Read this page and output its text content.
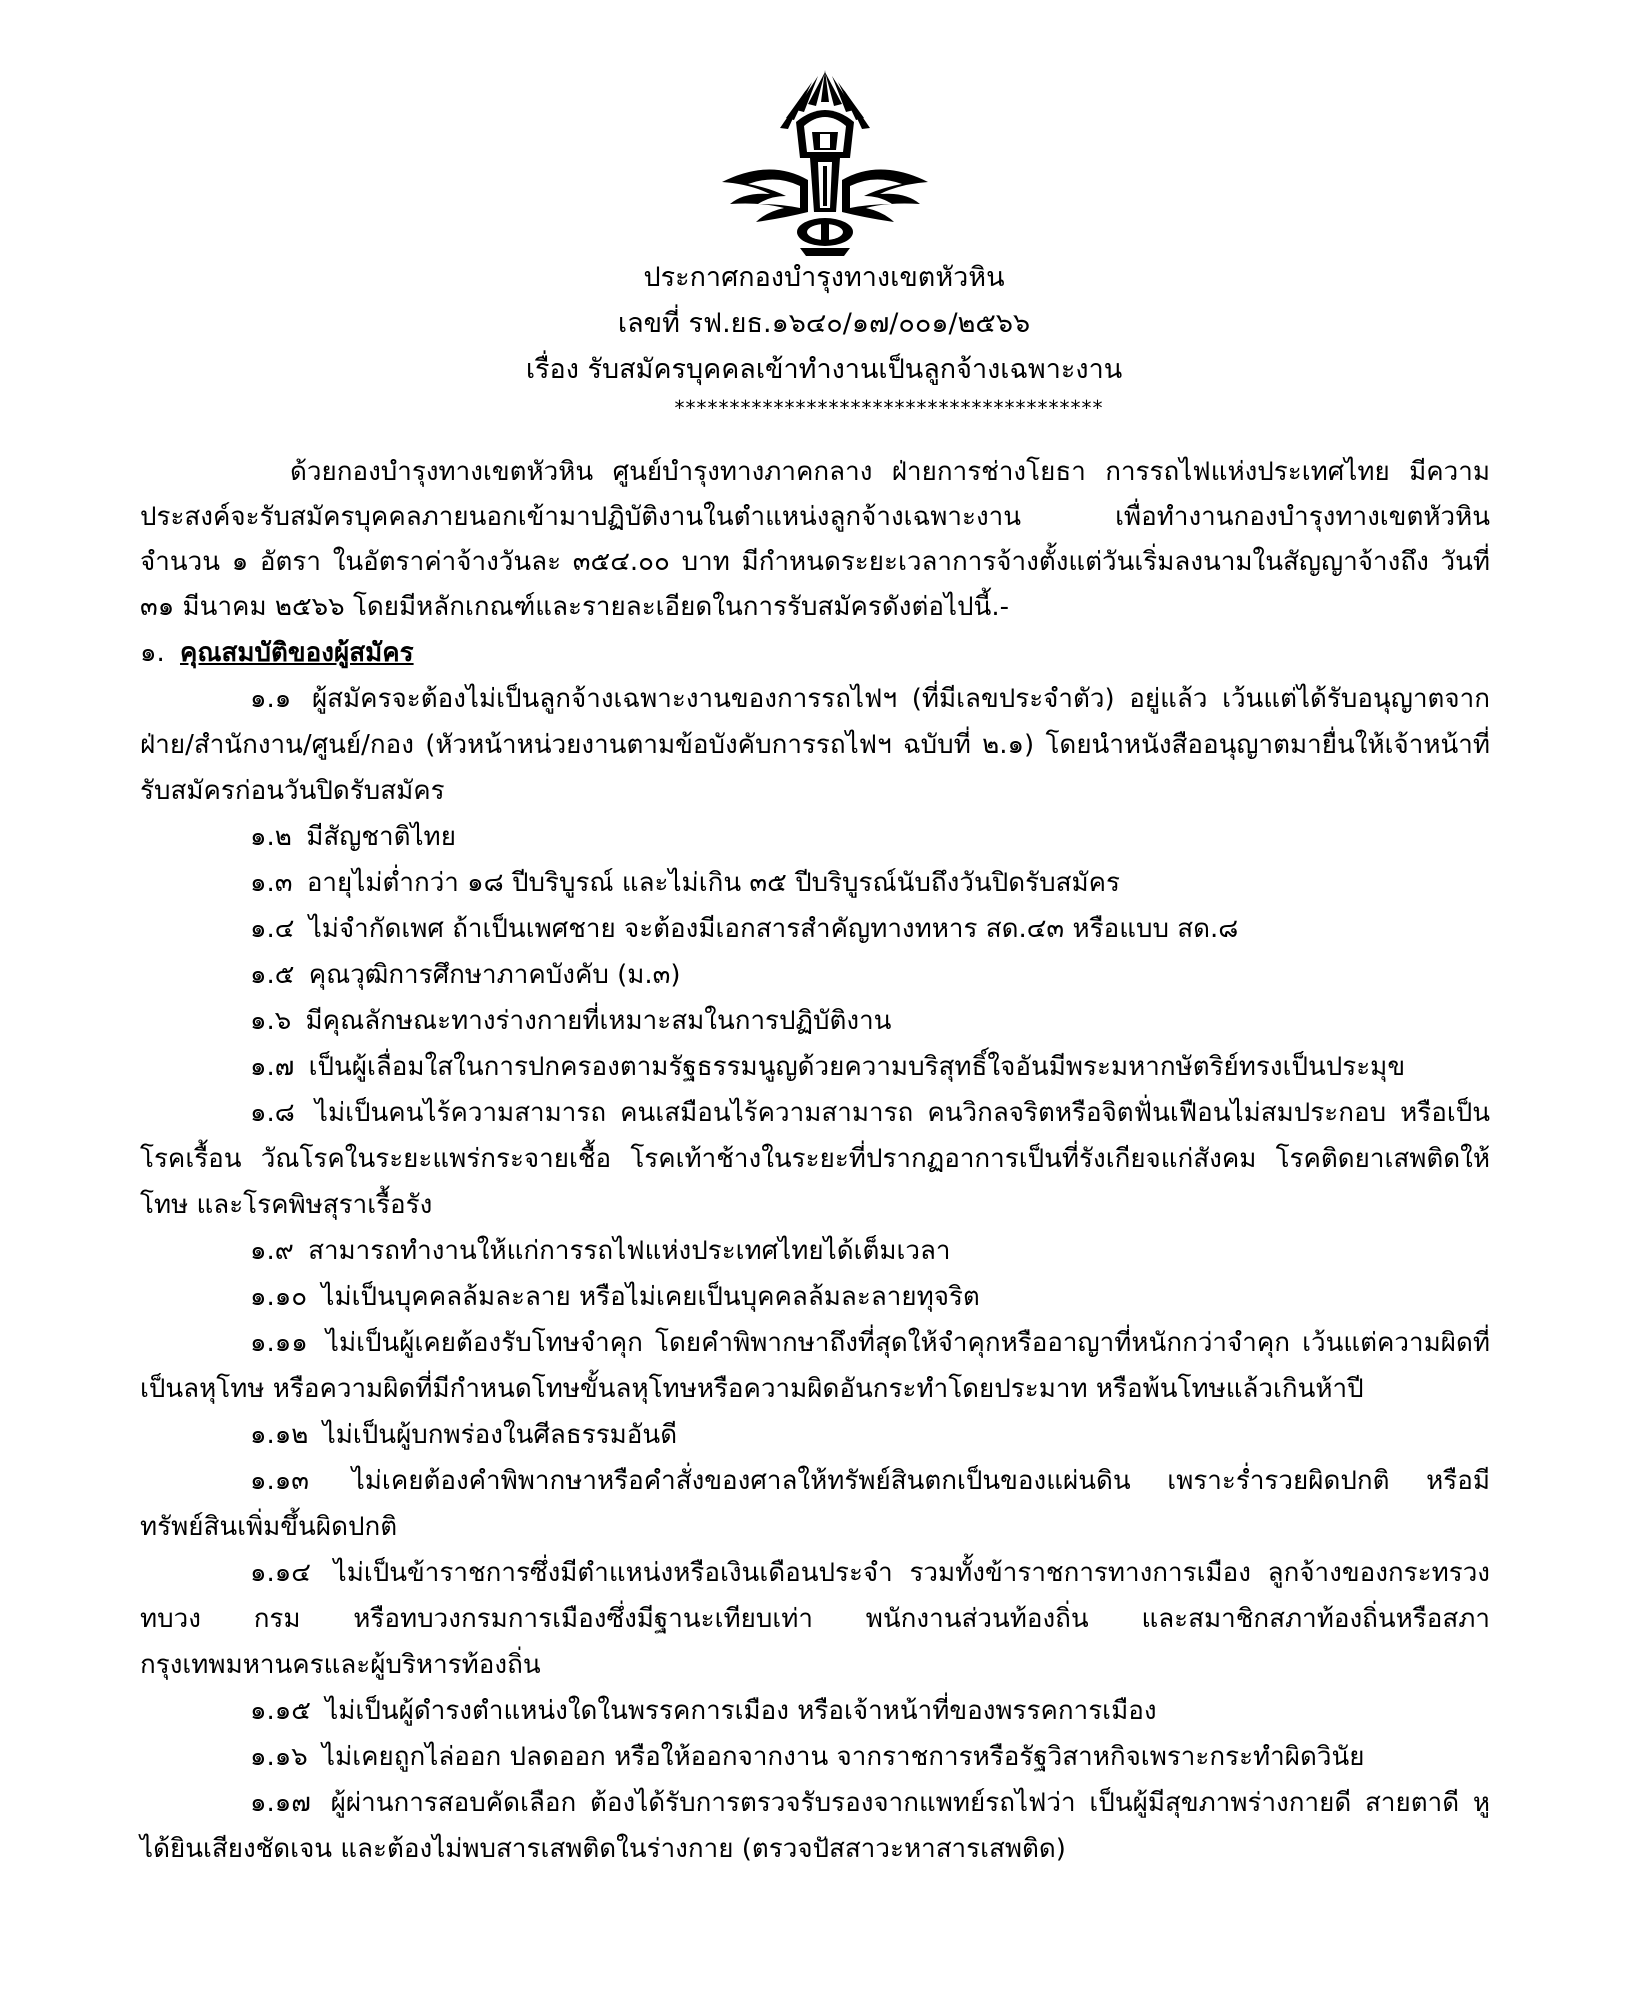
ประกาศกองบำรุงทางเขตหัวหิน
เลขที่ รฟ.ยธ.๑๖๔๐/๑๗/๐๐๑/๒๕๖๖
เรื่อง รับสมัครบุคคลเข้าทำงานเป็นลูกจ้างเฉพาะงาน
***************************************

ด้วยกองบำรุงทางเขตหัวหิน ศูนย์บำรุงทางภาคกลาง ฝ่ายการช่างโยธา การรถไฟแห่งประเทศไทย มีความประสงค์จะรับสมัครบุคคลภายนอกเข้ามาปฏิบัติงานในตำแหน่งลูกจ้างเฉพาะงาน เพื่อทำงานกองบำรุงทางเขตหัวหิน จำนวน ๑ อัตรา ในอัตราค่าจ้างวันละ ๓๕๔.๐๐ บาท มีกำหนดระยะเวลาการจ้างตั้งแต่วันเริ่มลงนามในสัญญาจ้างถึง วันที่ ๓๑ มีนาคม ๒๕๖๖ โดยมีหลักเกณฑ์และรายละเอียดในการรับสมัครดังต่อไปนี้.-

๑. คุณสมบัติของผู้สมัคร

๑.๑ ผู้สมัครจะต้องไม่เป็นลูกจ้างเฉพาะงานของการรถไฟฯ (ที่มีเลขประจำตัว) อยู่แล้ว เว้นแต่ได้รับอนุญาตจากฝ่าย/สำนักงาน/ศูนย์/กอง (หัวหน้าหน่วยงานตามข้อบังคับการรถไฟฯ ฉบับที่ ๒.๑) โดยนำหนังสืออนุญาตมายื่นให้เจ้าหน้าที่รับสมัครก่อนวันปิดรับสมัคร

๑.๒ มีสัญชาติไทย

๑.๓ อายุไม่ต่ำกว่า ๑๘ ปีบริบูรณ์ และไม่เกิน ๓๕ ปีบริบูรณ์นับถึงวันปิดรับสมัคร

๑.๔ ไม่จำกัดเพศ ถ้าเป็นเพศชาย จะต้องมีเอกสารสำคัญทางทหาร สด.๔๓ หรือแบบ สด.๘

๑.๕ คุณวุฒิการศึกษาภาคบังคับ (ม.๓)

๑.๖ มีคุณลักษณะทางร่างกายที่เหมาะสมในการปฏิบัติงาน

๑.๗ เป็นผู้เลื่อมใสในการปกครองตามรัฐธรรมนูญด้วยความบริสุทธิ์ใจอันมีพระมหากษัตริย์ทรงเป็นประมุข

๑.๘ ไม่เป็นคนไร้ความสามารถ คนเสมือนไร้ความสามารถ คนวิกลจริตหรือจิตฟั่นเฟือนไม่สมประกอบ หรือเป็นโรคเรื้อน วัณโรคในระยะแพร่กระจายเชื้อ โรคเท้าช้างในระยะที่ปรากฏอาการเป็นที่รังเกียจแก่สังคม โรคติดยาเสพติดให้โทษ และโรคพิษสุราเรื้อรัง

๑.๙ สามารถทำงานให้แก่การรถไฟแห่งประเทศไทยได้เต็มเวลา

๑.๑๐ ไม่เป็นบุคคลล้มละลาย หรือไม่เคยเป็นบุคคลล้มละลายทุจริต

๑.๑๑ ไม่เป็นผู้เคยต้องรับโทษจำคุก โดยคำพิพากษาถึงที่สุดให้จำคุกหรืออาญาที่หนักกว่าจำคุก เว้นแต่ความผิดที่เป็นลหุโทษ หรือความผิดที่มีกำหนดโทษขั้นลหุโทษหรือความผิดอันกระทำโดยประมาท หรือพ้นโทษแล้วเกินห้าปี

๑.๑๒ ไม่เป็นผู้บกพร่องในศีลธรรมอันดี

๑.๑๓ ไม่เคยต้องคำพิพากษาหรือคำสั่งของศาลให้ทรัพย์สินตกเป็นของแผ่นดิน เพราะร่ำรวยผิดปกติ หรือมีทรัพย์สินเพิ่มขึ้นผิดปกติ

๑.๑๔ ไม่เป็นข้าราชการซึ่งมีตำแหน่งหรือเงินเดือนประจำ รวมทั้งข้าราชการทางการเมือง ลูกจ้างของกระทรวง ทบวง กรม หรือทบวงกรมการเมืองซึ่งมีฐานะเทียบเท่า พนักงานส่วนท้องถิ่น และสมาชิกสภาท้องถิ่นหรือสภากรุงเทพมหานครและผู้บริหารท้องถิ่น

๑.๑๕ ไม่เป็นผู้ดำรงตำแหน่งใดในพรรคการเมือง หรือเจ้าหน้าที่ของพรรคการเมือง

๑.๑๖ ไม่เคยถูกไล่ออก ปลดออก หรือให้ออกจากงาน จากราชการหรือรัฐวิสาหกิจเพราะกระทำผิดวินัย

๑.๑๗ ผู้ผ่านการสอบคัดเลือก ต้องได้รับการตรวจรับรองจากแพทย์รถไฟว่า เป็นผู้มีสุขภาพร่างกายดี สายตาดี หูได้ยินเสียงชัดเจน และต้องไม่พบสารเสพติดในร่างกาย (ตรวจปัสสาวะหาสารเสพติด)
